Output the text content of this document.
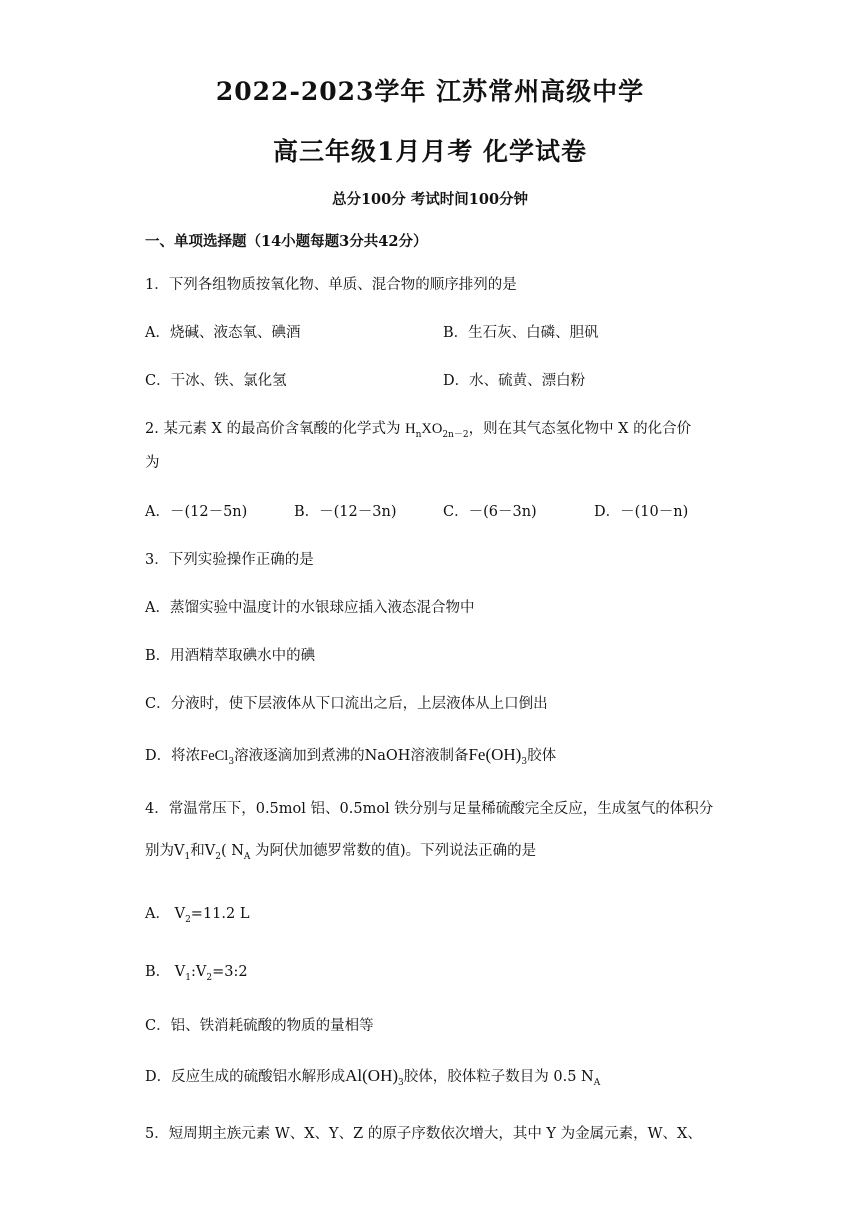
2022-2023学年 江苏常州高级中学
高三年级1月月考 化学试卷
总分100分 考试时间100分钟
一、单项选择题（14小题每题3分共42分）
1．下列各组物质按氧化物、单质、混合物的顺序排列的是
A．烧碱、液态氧、碘酒	B．生石灰、白磷、胆矾
C．干冰、铁、氯化氢	D．水、硫黄、漂白粉
2. 某元素 X 的最高价含氧酸的化学式为 $H_nXO_{2n-2}$，则在其气态氢化物中 X 的化合价
为
A．－(12－5n)	B．－(12－3n)	C．－(6－3n)	D．－(10－n)
3．下列实验操作正确的是
A．蒸馏实验中温度计的水银球应插入液态混合物中
B．用酒精萃取碘水中的碘
C．分液时，使下层液体从下口流出之后，上层液体从上口倒出
D．将浓FeCl$_3$溶液逐滴加到煮沸的NaOH溶液制备$Fe(OH)_3$胶体
4．常温常压下，0.5mol 铝、0.5mol 铁分别与足量稀硫酸完全反应，生成氢气的体积分
别为$V_1$和$V_2$( $N_A$ 为阿伏加德罗常数的值)。下列说法正确的是
A． $V_2=11.2$ L
B． $V_1:V_2=3:2$
C．铝、铁消耗硫酸的物质的量相等
D．反应生成的硫酸铝水解形成$Al(OH)_3$胶体，胶体粒子数目为 0.5 $N_A$
5．短周期主族元素 W、X、Y、Z 的原子序数依次增大，其中 Y 为金属元素，W、X、
